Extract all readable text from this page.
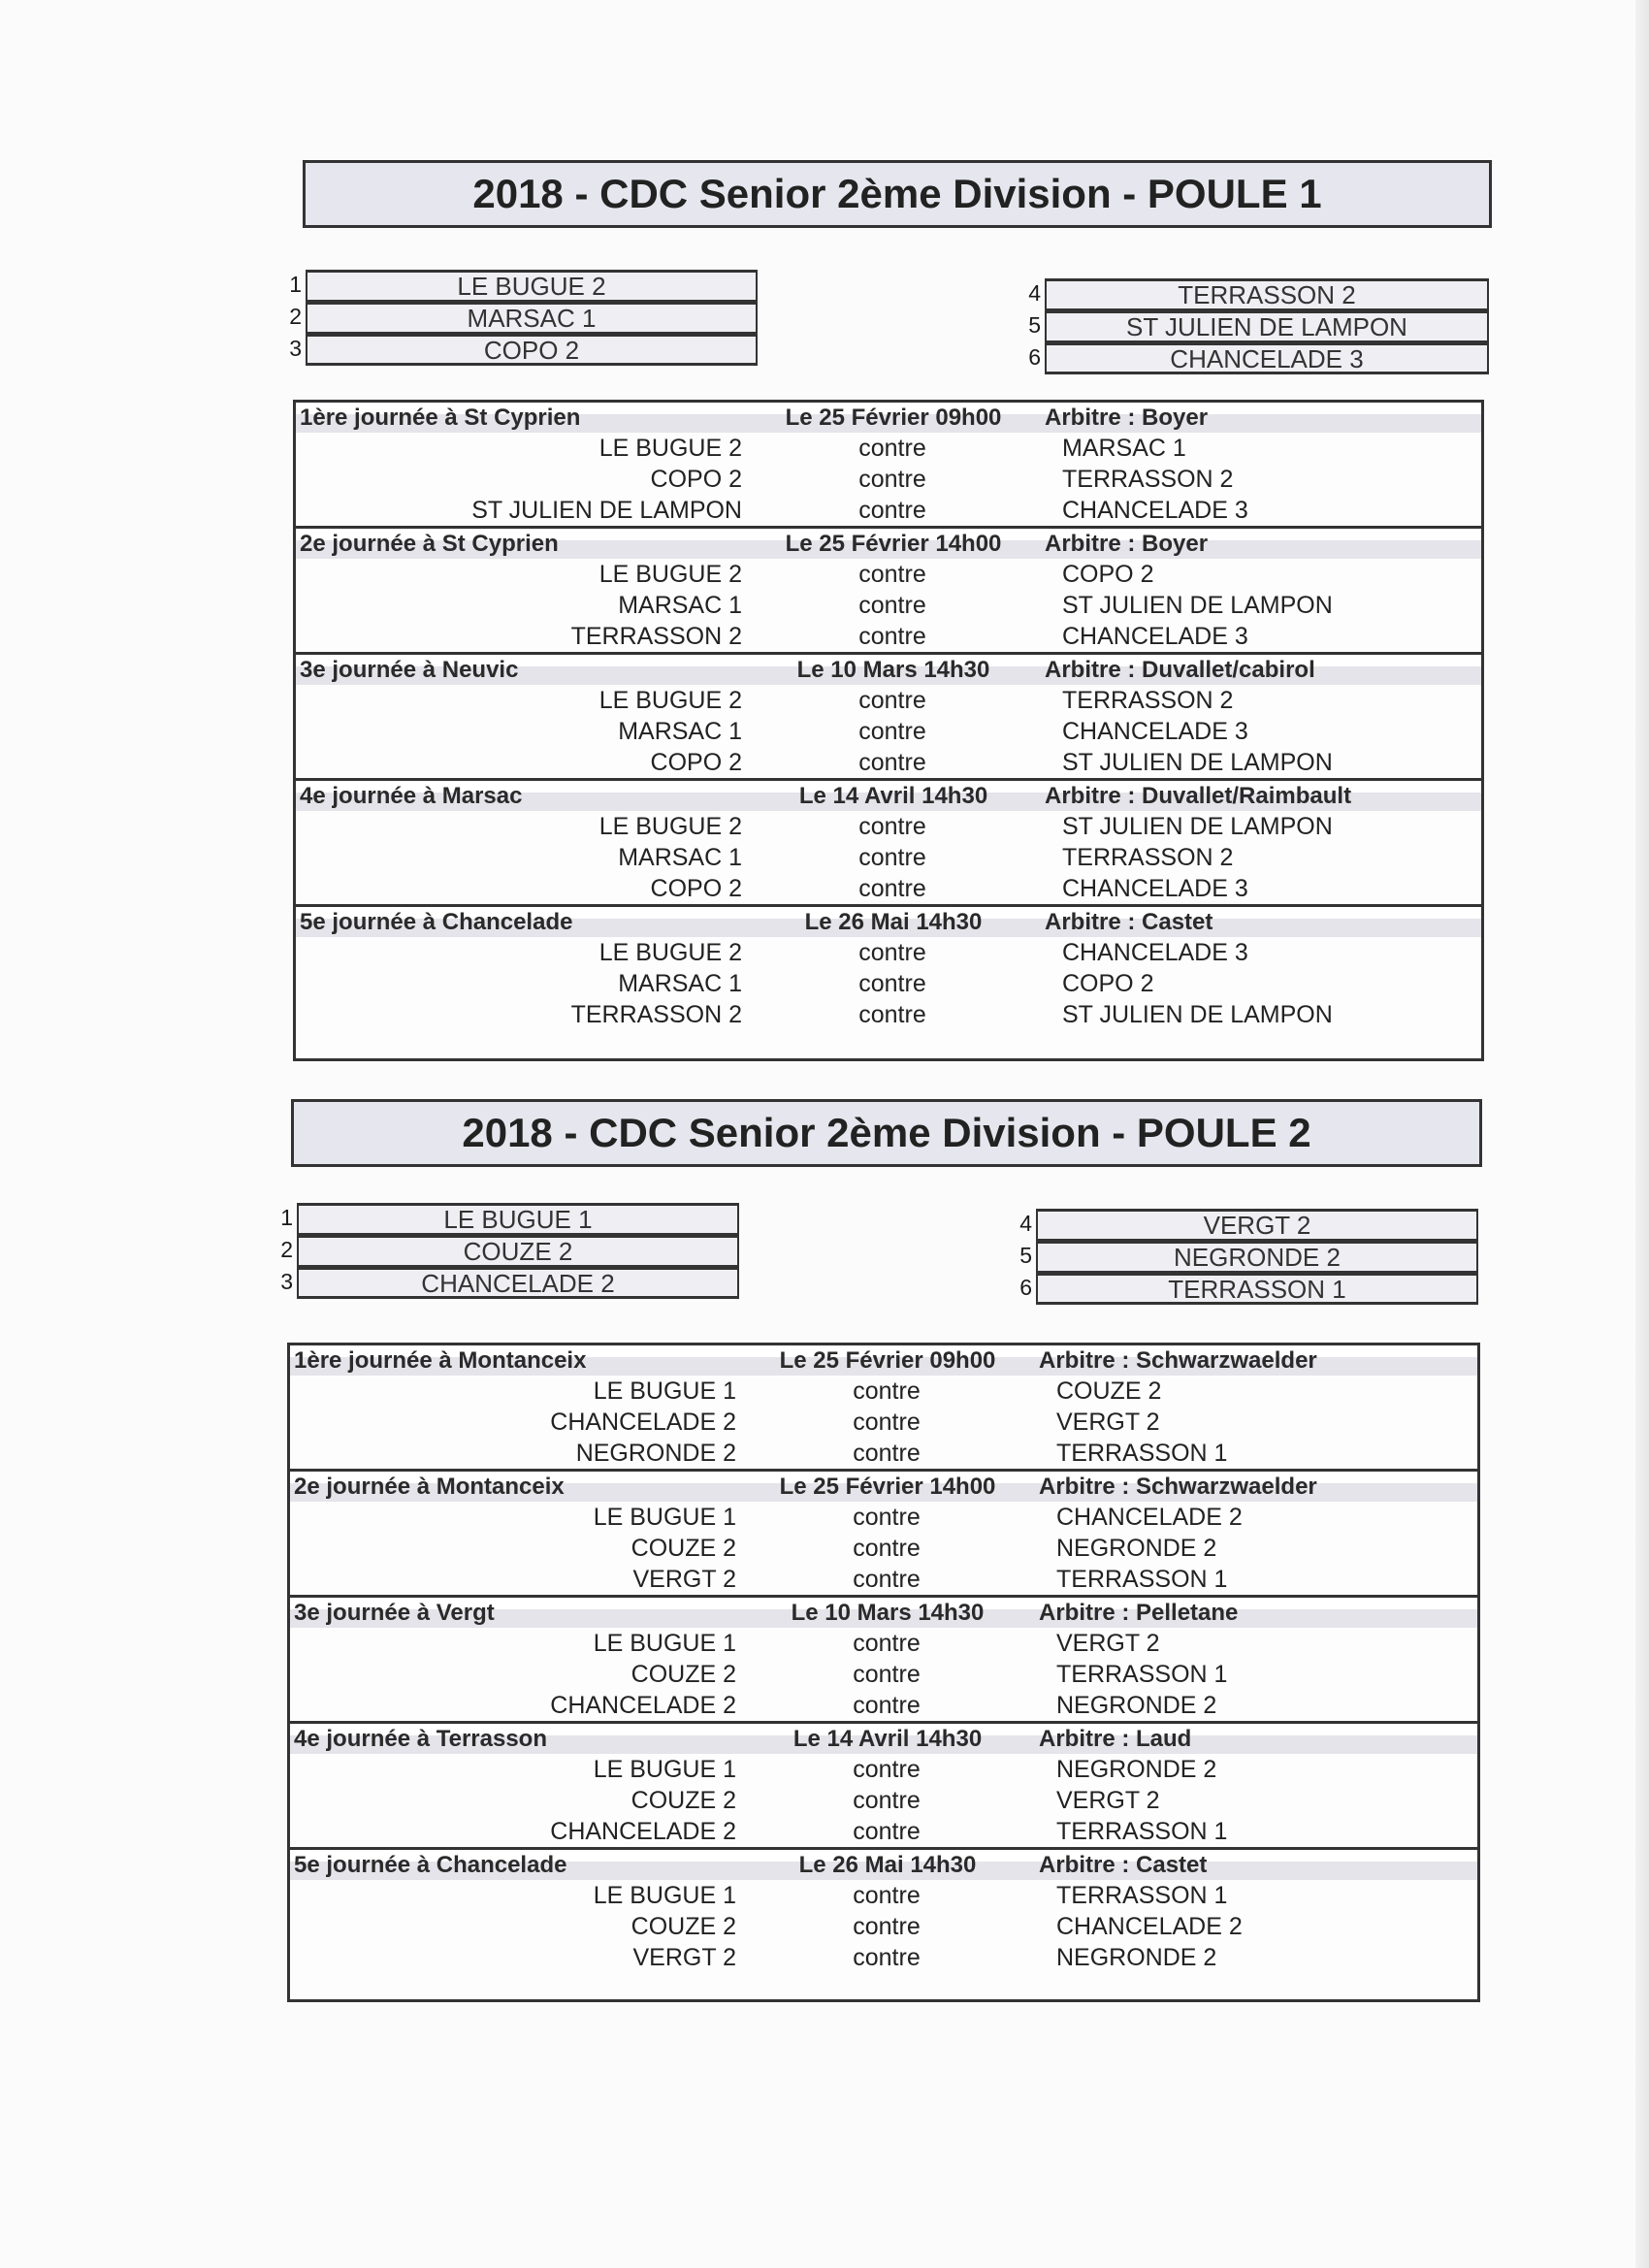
2018 - CDC Senior 2ème Division - POULE 1
1	LE BUGUE 2
2	MARSAC 1
3	COPO 2
4	TERRASSON 2
5	ST JULIEN DE LAMPON
6	CHANCELADE 3
1ère journée à St Cyprien	Le 25 Février 09h00	Arbitre : Boyer
LE BUGUE 2	contre	MARSAC 1
COPO 2	contre	TERRASSON 2
ST JULIEN DE LAMPON	contre	CHANCELADE 3
2e journée à St Cyprien	Le 25 Février 14h00	Arbitre : Boyer
LE BUGUE 2	contre	COPO 2
MARSAC 1	contre	ST JULIEN DE LAMPON
TERRASSON 2	contre	CHANCELADE 3
3e journée à Neuvic	Le 10 Mars 14h30	Arbitre : Duvallet/cabirol
LE BUGUE 2	contre	TERRASSON 2
MARSAC 1	contre	CHANCELADE 3
COPO 2	contre	ST JULIEN DE LAMPON
4e journée à Marsac	Le 14 Avril 14h30	Arbitre : Duvallet/Raimbault
LE BUGUE 2	contre	ST JULIEN DE LAMPON
MARSAC 1	contre	TERRASSON 2
COPO 2	contre	CHANCELADE 3
5e journée à Chancelade	Le 26 Mai 14h30	Arbitre : Castet
LE BUGUE 2	contre	CHANCELADE 3
MARSAC 1	contre	COPO 2
TERRASSON 2	contre	ST JULIEN DE LAMPON
2018 - CDC Senior 2ème Division - POULE 2
1	LE BUGUE 1
2	COUZE 2
3	CHANCELADE 2
4	VERGT 2
5	NEGRONDE 2
6	TERRASSON 1
1ère journée à Montanceix	Le 25 Février 09h00	Arbitre : Schwarzwaelder
LE BUGUE 1	contre	COUZE 2
CHANCELADE 2	contre	VERGT 2
NEGRONDE 2	contre	TERRASSON 1
2e journée à Montanceix	Le 25 Février 14h00	Arbitre : Schwarzwaelder
LE BUGUE 1	contre	CHANCELADE 2
COUZE 2	contre	NEGRONDE 2
VERGT 2	contre	TERRASSON 1
3e journée à Vergt	Le 10 Mars 14h30	Arbitre : Pelletane
LE BUGUE 1	contre	VERGT 2
COUZE 2	contre	TERRASSON 1
CHANCELADE 2	contre	NEGRONDE 2
4e journée à Terrasson	Le 14 Avril 14h30	Arbitre : Laud
LE BUGUE 1	contre	NEGRONDE 2
COUZE 2	contre	VERGT 2
CHANCELADE 2	contre	TERRASSON 1
5e journée à Chancelade	Le 26 Mai 14h30	Arbitre : Castet
LE BUGUE 1	contre	TERRASSON 1
COUZE 2	contre	CHANCELADE 2
VERGT 2	contre	NEGRONDE 2
